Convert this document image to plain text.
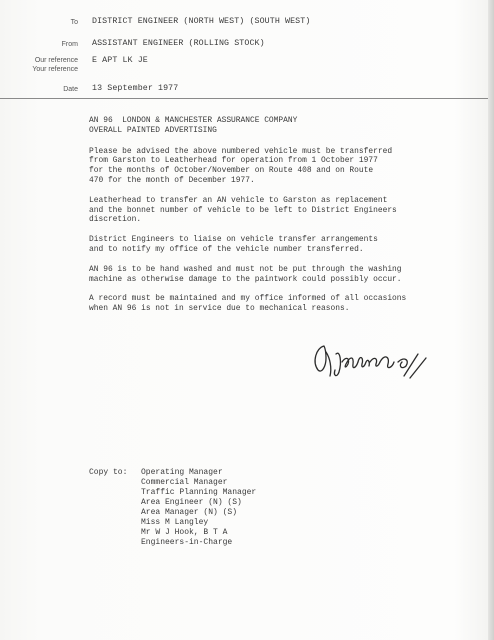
To DISTRICT ENGINEER (NORTH WEST) (SOUTH WEST)
From ASSISTANT ENGINEER (ROLLING STOCK)
Our reference E APT LK JE
Your reference
Date 13 September 1977
AN 96  LONDON & MANCHESTER ASSURANCE COMPANY
OVERALL PAINTED ADVERTISING

Please be advised the above numbered vehicle must be transferred
from Garston to Leatherhead for operation from 1 October 1977
for the months of October/November on Route 408 and on Route
470 for the month of December 1977.

Leatherhead to transfer an AN vehicle to Garston as replacement
and the bonnet number of vehicle to be left to District Engineers
discretion.

District Engineers to liaise on vehicle transfer arrangements
and to notify my office of the vehicle number transferred.

AN 96 is to be hand washed and must not be put through the washing
machine as otherwise damage to the paintwork could possibly occur.

A record must be maintained and my office informed of all occasions
when AN 96 is not in service due to mechanical reasons.

Copy to: Operating Manager
Commercial Manager
Traffic Planning Manager
Area Engineer (N) (S)
Area Manager (N) (S)
Miss M Langley
Mr W J Hook, B T A
Engineers-in-Charge
